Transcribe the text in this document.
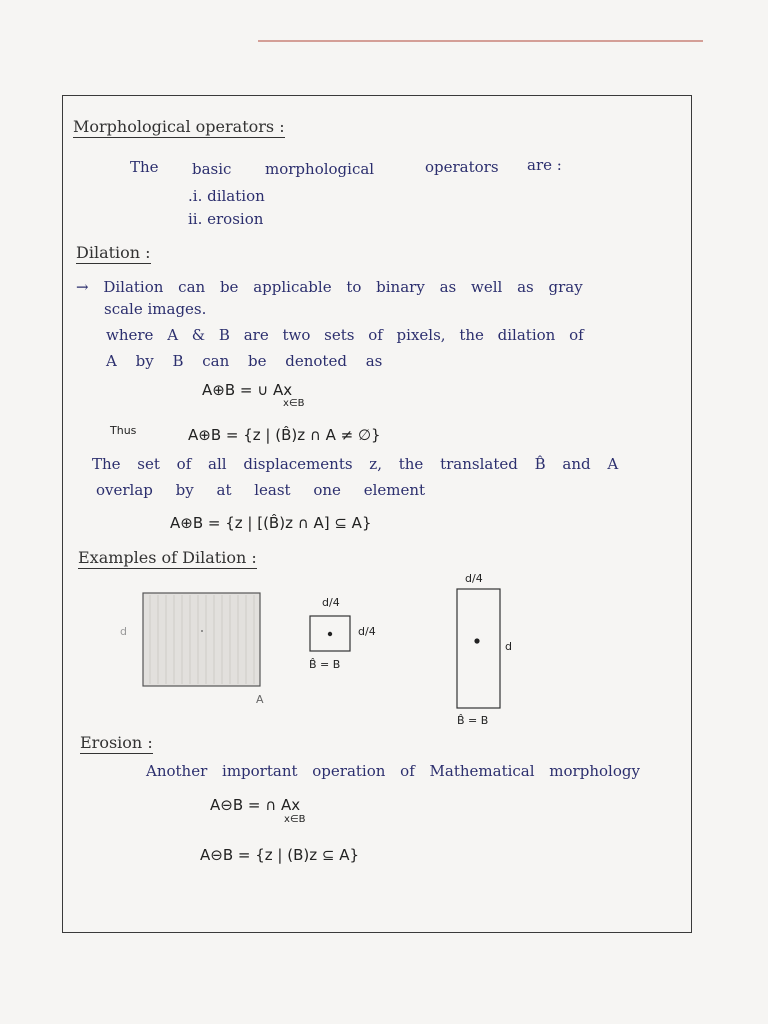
Morphological operators :
The basic morphological	operators are :
.i. dilation
ii. erosion
Dilation :
→ Dilation can be applicable to binary as well as gray
scale images.
where A & B are two sets of pixels, the dilation of
A by B can be denoted as
A⊕B = ∪ Ax
x∈B
Thus	A⊕B = {z | (B̂)z ∩ A ≠ ∅}
The set of all displacements z, the translated B̂ and A
overlap by at least one element
A⊕B = {z | [(B̂)z ∩ A] ⊆ A}
Examples of Dilation :
d
A
d/4
d/4
B̂ = B
d/4
d
B̂ = B
Erosion :
Another important operation of Mathematical morphology
A⊖B = ∩ Ax
x∈B
A⊖B = {z | (B)z ⊆ A}
